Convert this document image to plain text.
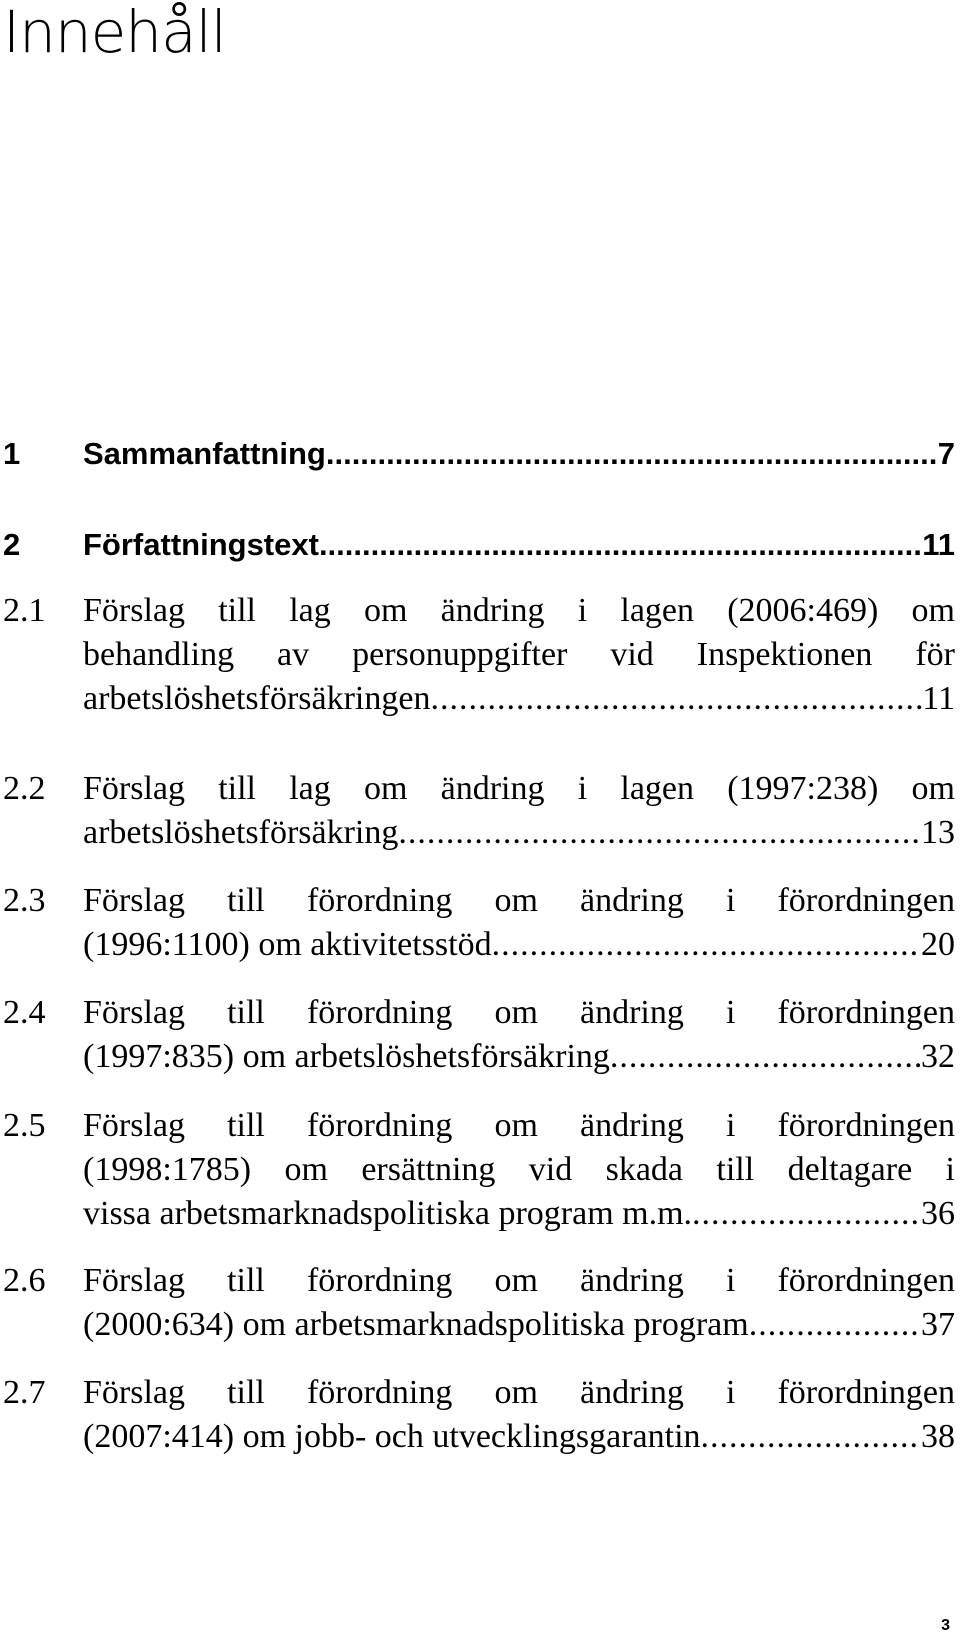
Innehåll
1 Sammanfattning .....	7
2 Författningstext .....	11
2.1 Förslag till lag om ändring i lagen (2006:469) om
behandling av personuppgifter vid Inspektionen för
arbetslöshetsförsäkringen .....	11
2.2 Förslag till lag om ändring i lagen (1997:238) om
arbetslöshetsförsäkring .....	13
2.3 Förslag till förordning om ändring i förordningen
(1996:1100) om aktivitetsstöd .....	20
2.4 Förslag till förordning om ändring i förordningen
(1997:835) om arbetslöshetsförsäkring .....	32
2.5 Förslag till förordning om ändring i förordningen
(1998:1785) om ersättning vid skada till deltagare i
vissa arbetsmarknadspolitiska program m.m. .....	36
2.6 Förslag till förordning om ändring i förordningen
(2000:634) om arbetsmarknadspolitiska program .....	37
2.7 Förslag till förordning om ändring i förordningen
(2007:414) om jobb- och utvecklingsgarantin .....	38
3
